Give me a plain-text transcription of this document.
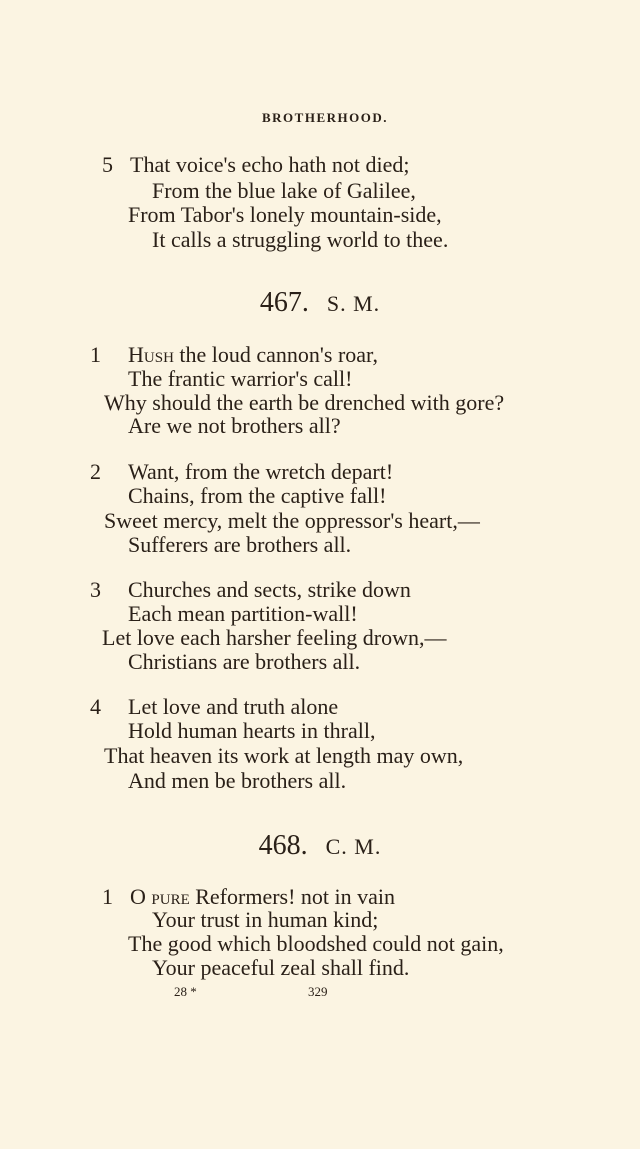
BROTHERHOOD.
5 That voice's echo hath not died;
From the blue lake of Galilee,
From Tabor's lonely mountain-side,
It calls a struggling world to thee.
467. S. M.
1 Hush the loud cannon's roar,
The frantic warrior's call!
Why should the earth be drenched with gore?
Are we not brothers all?
2 Want, from the wretch depart!
Chains, from the captive fall!
Sweet mercy, melt the oppressor's heart,—
Sufferers are brothers all.
3 Churches and sects, strike down
Each mean partition-wall!
Let love each harsher feeling drown,—
Christians are brothers all.
4 Let love and truth alone
Hold human hearts in thrall,
That heaven its work at length may own,
And men be brothers all.
468. C. M.
1 O pure Reformers! not in vain
Your trust in human kind;
The good which bloodshed could not gain,
Your peaceful zeal shall find.
28 *	329
